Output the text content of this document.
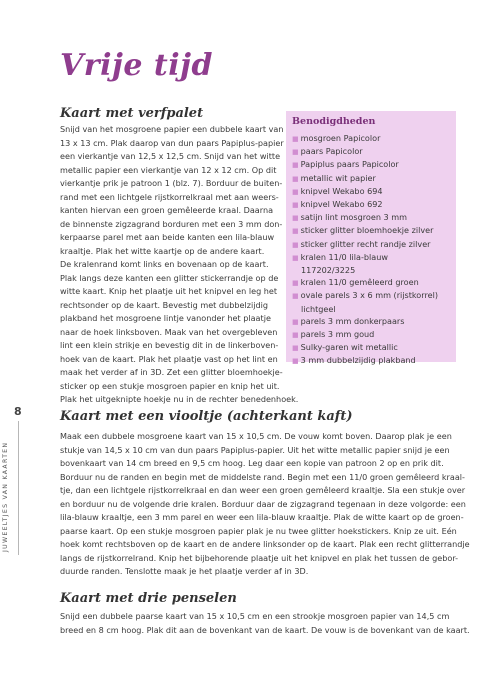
Vrije tijd
Kaart met verfpalet
Snijd van het mosgroene papier een dubbele kaart van
13 x 13 cm. Plak daarop van dun paars Papiplus-papier
een vierkantje van 12,5 x 12,5 cm. Snijd van het witte
metallic papier een vierkantje van 12 x 12 cm. Op dit
vierkantje prik je patroon 1 (blz. 7). Borduur de buiten-
rand met een lichtgele rijstkorrelkraal met aan weers-
kanten hiervan een groen gemêleerde kraal. Daarna
de binnenste zigzagrand borduren met een 3 mm don-
kerpaarse parel met aan beide kanten een lila-blauw
kraaltje. Plak het witte kaartje op de andere kaart.
De kralenrand komt links en bovenaan op de kaart.
Plak langs deze kanten een glitter stickerrandje op de
witte kaart. Knip het plaatje uit het knipvel en leg het
rechtsonder op de kaart. Bevestig met dubbelzijdig
plakband het mosgroene lintje vanonder het plaatje
naar de hoek linksboven. Maak van het overgebleven
lint een klein strikje en bevestig dit in de linkerboven-
hoek van de kaart. Plak het plaatje vast op het lint en
maak het verder af in 3D. Zet een glitter bloemhoekje-
sticker op een stukje mosgroen papier en knip het uit.
Plak het uitgeknipte hoekje nu in de rechter benedenhoek.
Benodigdheden
■ mosgroen Papicolor
■ paars Papicolor
■ Papiplus paars Papicolor
■ metallic wit papier
■ knipvel Wekabo 694
■ knipvel Wekabo 692
■ satijn lint mosgroen 3 mm
■ sticker glitter bloemhoekje zilver
■ sticker glitter recht randje zilver
■ kralen 11/0 lila-blauw
117202/3225
■ kralen 11/0 gemêleerd groen
■ ovale parels 3 x 6 mm (rijstkorrel)
lichtgeel
■ parels 3 mm donkerpaars
■ parels 3 mm goud
■ Sulky-garen wit metallic
■ 3 mm dubbelzijdig plakband
8
JUWEELTJES VAN KAARTEN
Kaart met een viooltje (achterkant kaft)
Maak een dubbele mosgroene kaart van 15 x 10,5 cm. De vouw komt boven. Daarop plak je een
stukje van 14,5 x 10 cm van dun paars Papiplus-papier. Uit het witte metallic papier snijd je een
bovenkaart van 14 cm breed en 9,5 cm hoog. Leg daar een kopie van patroon 2 op en prik dit.
Borduur nu de randen en begin met de middelste rand. Begin met een 11/0 groen gemêleerd kraal-
tje, dan een lichtgele rijstkorrelkraal en dan weer een groen gemêleerd kraaltje. Sla een stukje over
en borduur nu de volgende drie kralen. Borduur daar de zigzagrand tegenaan in deze volgorde: een
lila-blauw kraaltje, een 3 mm parel en weer een lila-blauw kraaltje. Plak de witte kaart op de groen-
paarse kaart. Op een stukje mosgroen papier plak je nu twee glitter hoekstickers. Knip ze uit. Eén
hoek komt rechtsboven op de kaart en de andere linksonder op de kaart. Plak een recht glitterrandje
langs de rijstkorrelrand. Knip het bijbehorende plaatje uit het knipvel en plak het tussen de gebor-
duurde randen. Tenslotte maak je het plaatje verder af in 3D.
Kaart met drie penselen
Snijd een dubbele paarse kaart van 15 x 10,5 cm en een strookje mosgroen papier van 14,5 cm
breed en 8 cm hoog. Plak dit aan de bovenkant van de kaart. De vouw is de bovenkant van de kaart.
